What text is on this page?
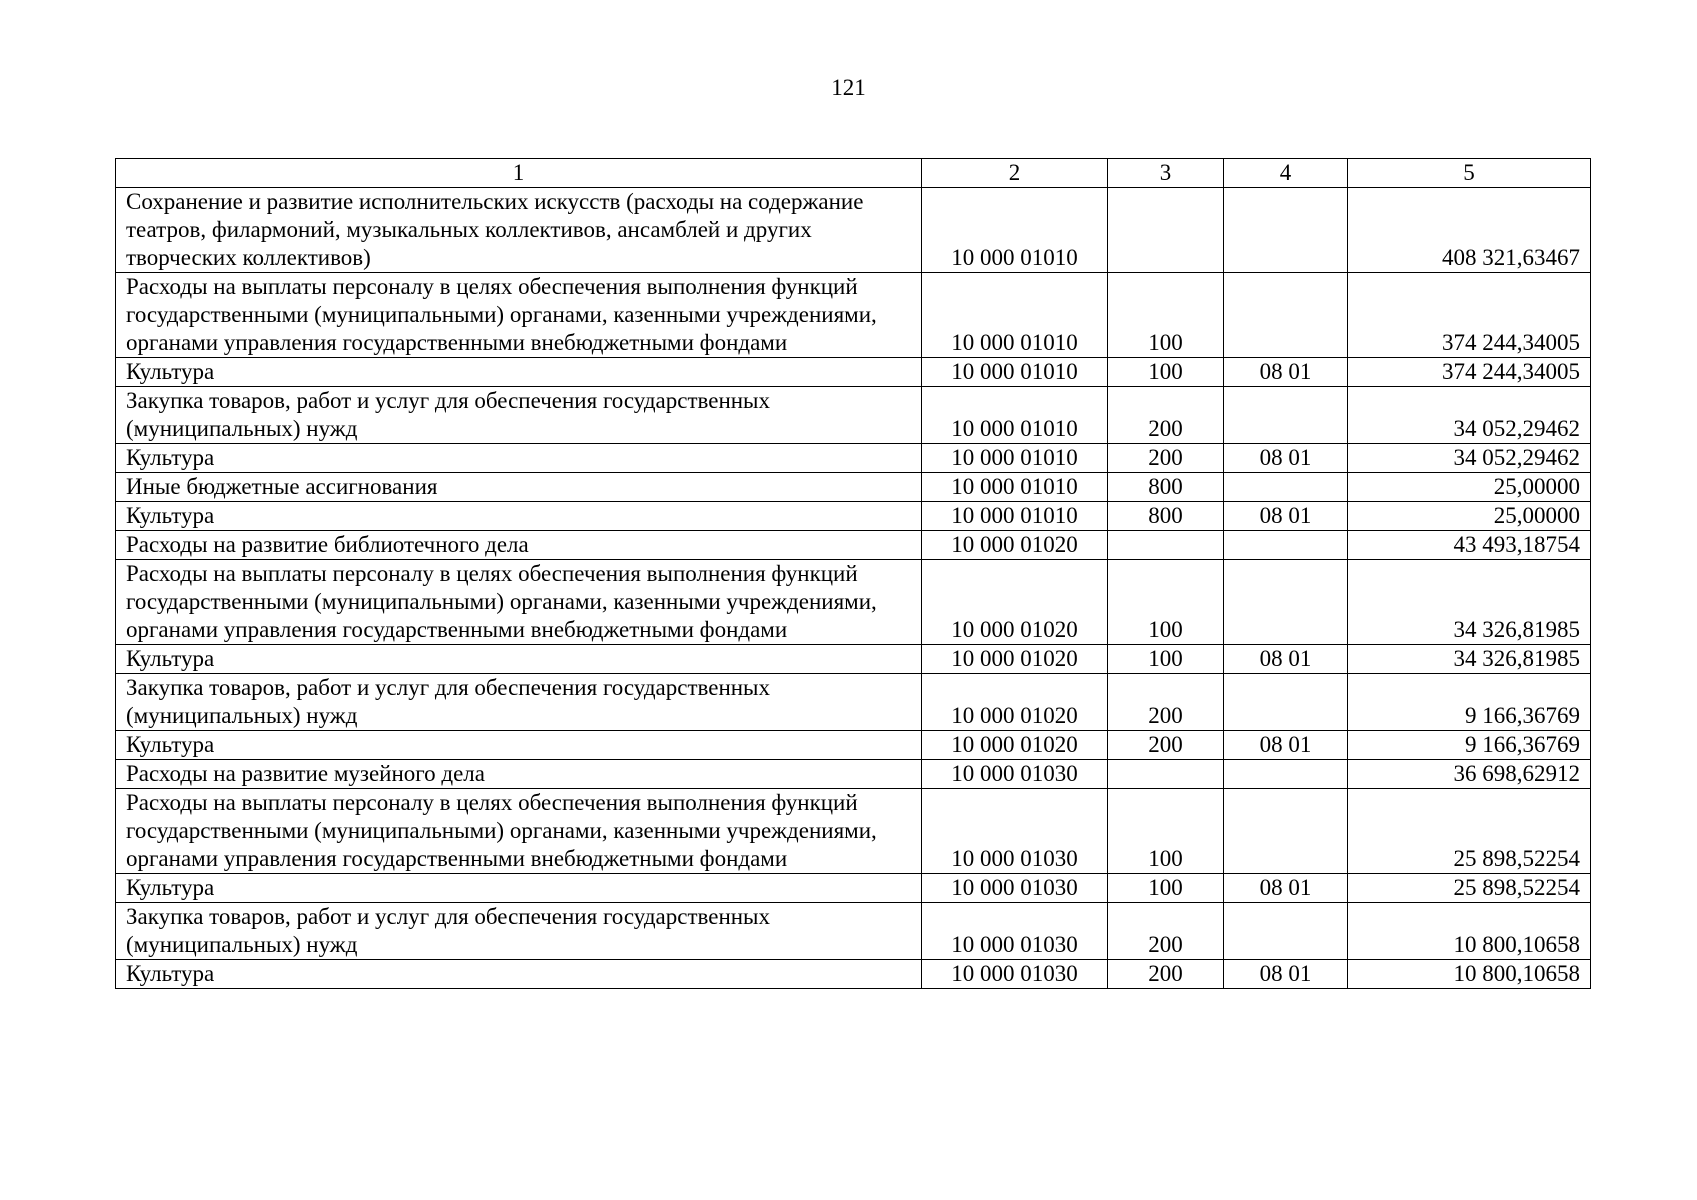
121
1	2	3	4	5
Сохранение и развитие исполнительских искусств (расходы на содержание театров, филармоний, музыкальных коллективов, ансамблей и других творческих коллективов)	10 000 01010			408 321,63467
Расходы на выплаты персоналу в целях обеспечения выполнения функций государственными (муниципальными) органами, казенными учреждениями, органами управления государственными внебюджетными фондами	10 000 01010	100		374 244,34005
Культура	10 000 01010	100	08 01	374 244,34005
Закупка товаров, работ и услуг для обеспечения государственных (муниципальных) нужд	10 000 01010	200		34 052,29462
Культура	10 000 01010	200	08 01	34 052,29462
Иные бюджетные ассигнования	10 000 01010	800		25,00000
Культура	10 000 01010	800	08 01	25,00000
Расходы на развитие библиотечного дела	10 000 01020			43 493,18754
Расходы на выплаты персоналу в целях обеспечения выполнения функций государственными (муниципальными) органами, казенными учреждениями, органами управления государственными внебюджетными фондами	10 000 01020	100		34 326,81985
Культура	10 000 01020	100	08 01	34 326,81985
Закупка товаров, работ и услуг для обеспечения государственных (муниципальных) нужд	10 000 01020	200		9 166,36769
Культура	10 000 01020	200	08 01	9 166,36769
Расходы на развитие музейного дела	10 000 01030			36 698,62912
Расходы на выплаты персоналу в целях обеспечения выполнения функций государственными (муниципальными) органами, казенными учреждениями, органами управления государственными внебюджетными фондами	10 000 01030	100		25 898,52254
Культура	10 000 01030	100	08 01	25 898,52254
Закупка товаров, работ и услуг для обеспечения государственных (муниципальных) нужд	10 000 01030	200		10 800,10658
Культура	10 000 01030	200	08 01	10 800,10658
